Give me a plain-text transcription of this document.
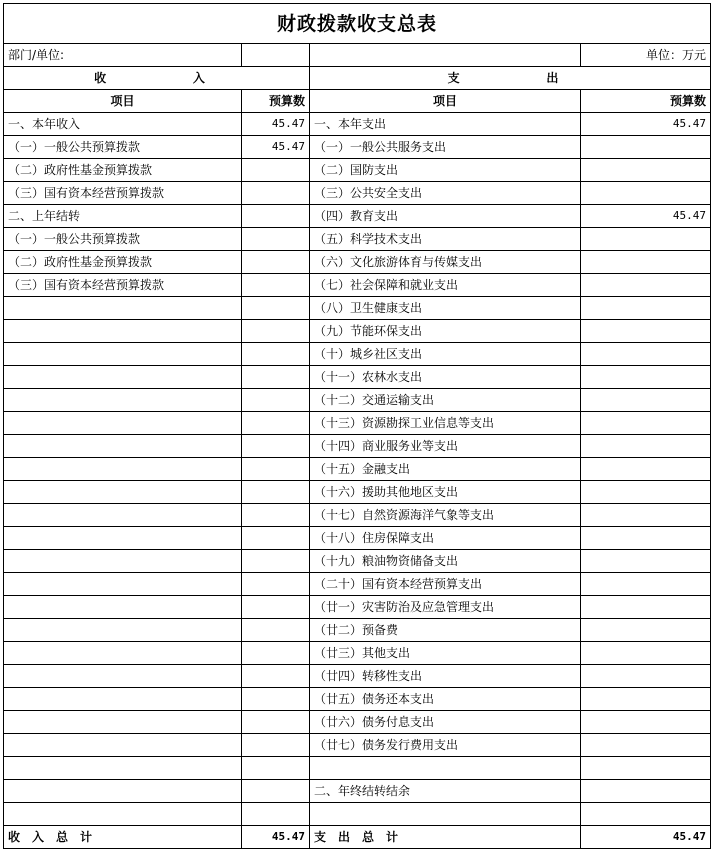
财政拨款收支总表			
部门/单位:			单位：万元
收    入		支    出	
项目	预算数	项目	预算数
一、本年收入	45.47	一、本年支出	45.47
（一）一般公共预算拨款	45.47	（一）一般公共服务支出	
（二）政府性基金预算拨款		（二）国防支出	
（三）国有资本经营预算拨款		（三）公共安全支出	
二、上年结转		（四）教育支出	45.47
（一）一般公共预算拨款		（五）科学技术支出	
（二）政府性基金预算拨款		（六）文化旅游体育与传媒支出	
（三）国有资本经营预算拨款		（七）社会保障和就业支出	
		（八）卫生健康支出	
		（九）节能环保支出	
		（十）城乡社区支出	
		（十一）农林水支出	
		（十二）交通运输支出	
		（十三）资源勘探工业信息等支出	
		（十四）商业服务业等支出	
		（十五）金融支出	
		（十六）援助其他地区支出	
		（十七）自然资源海洋气象等支出	
		（十八）住房保障支出	
		（十九）粮油物资储备支出	
		（二十）国有资本经营预算支出	
		（廿一）灾害防治及应急管理支出	
		（廿二）预备费	
		（廿三）其他支出	
		（廿四）转移性支出	
		（廿五）债务还本支出	
		（廿六）债务付息支出	
		（廿七）债务发行费用支出	

		二、年终结转结余	

收入总计	45.47	支出总计	45.47
